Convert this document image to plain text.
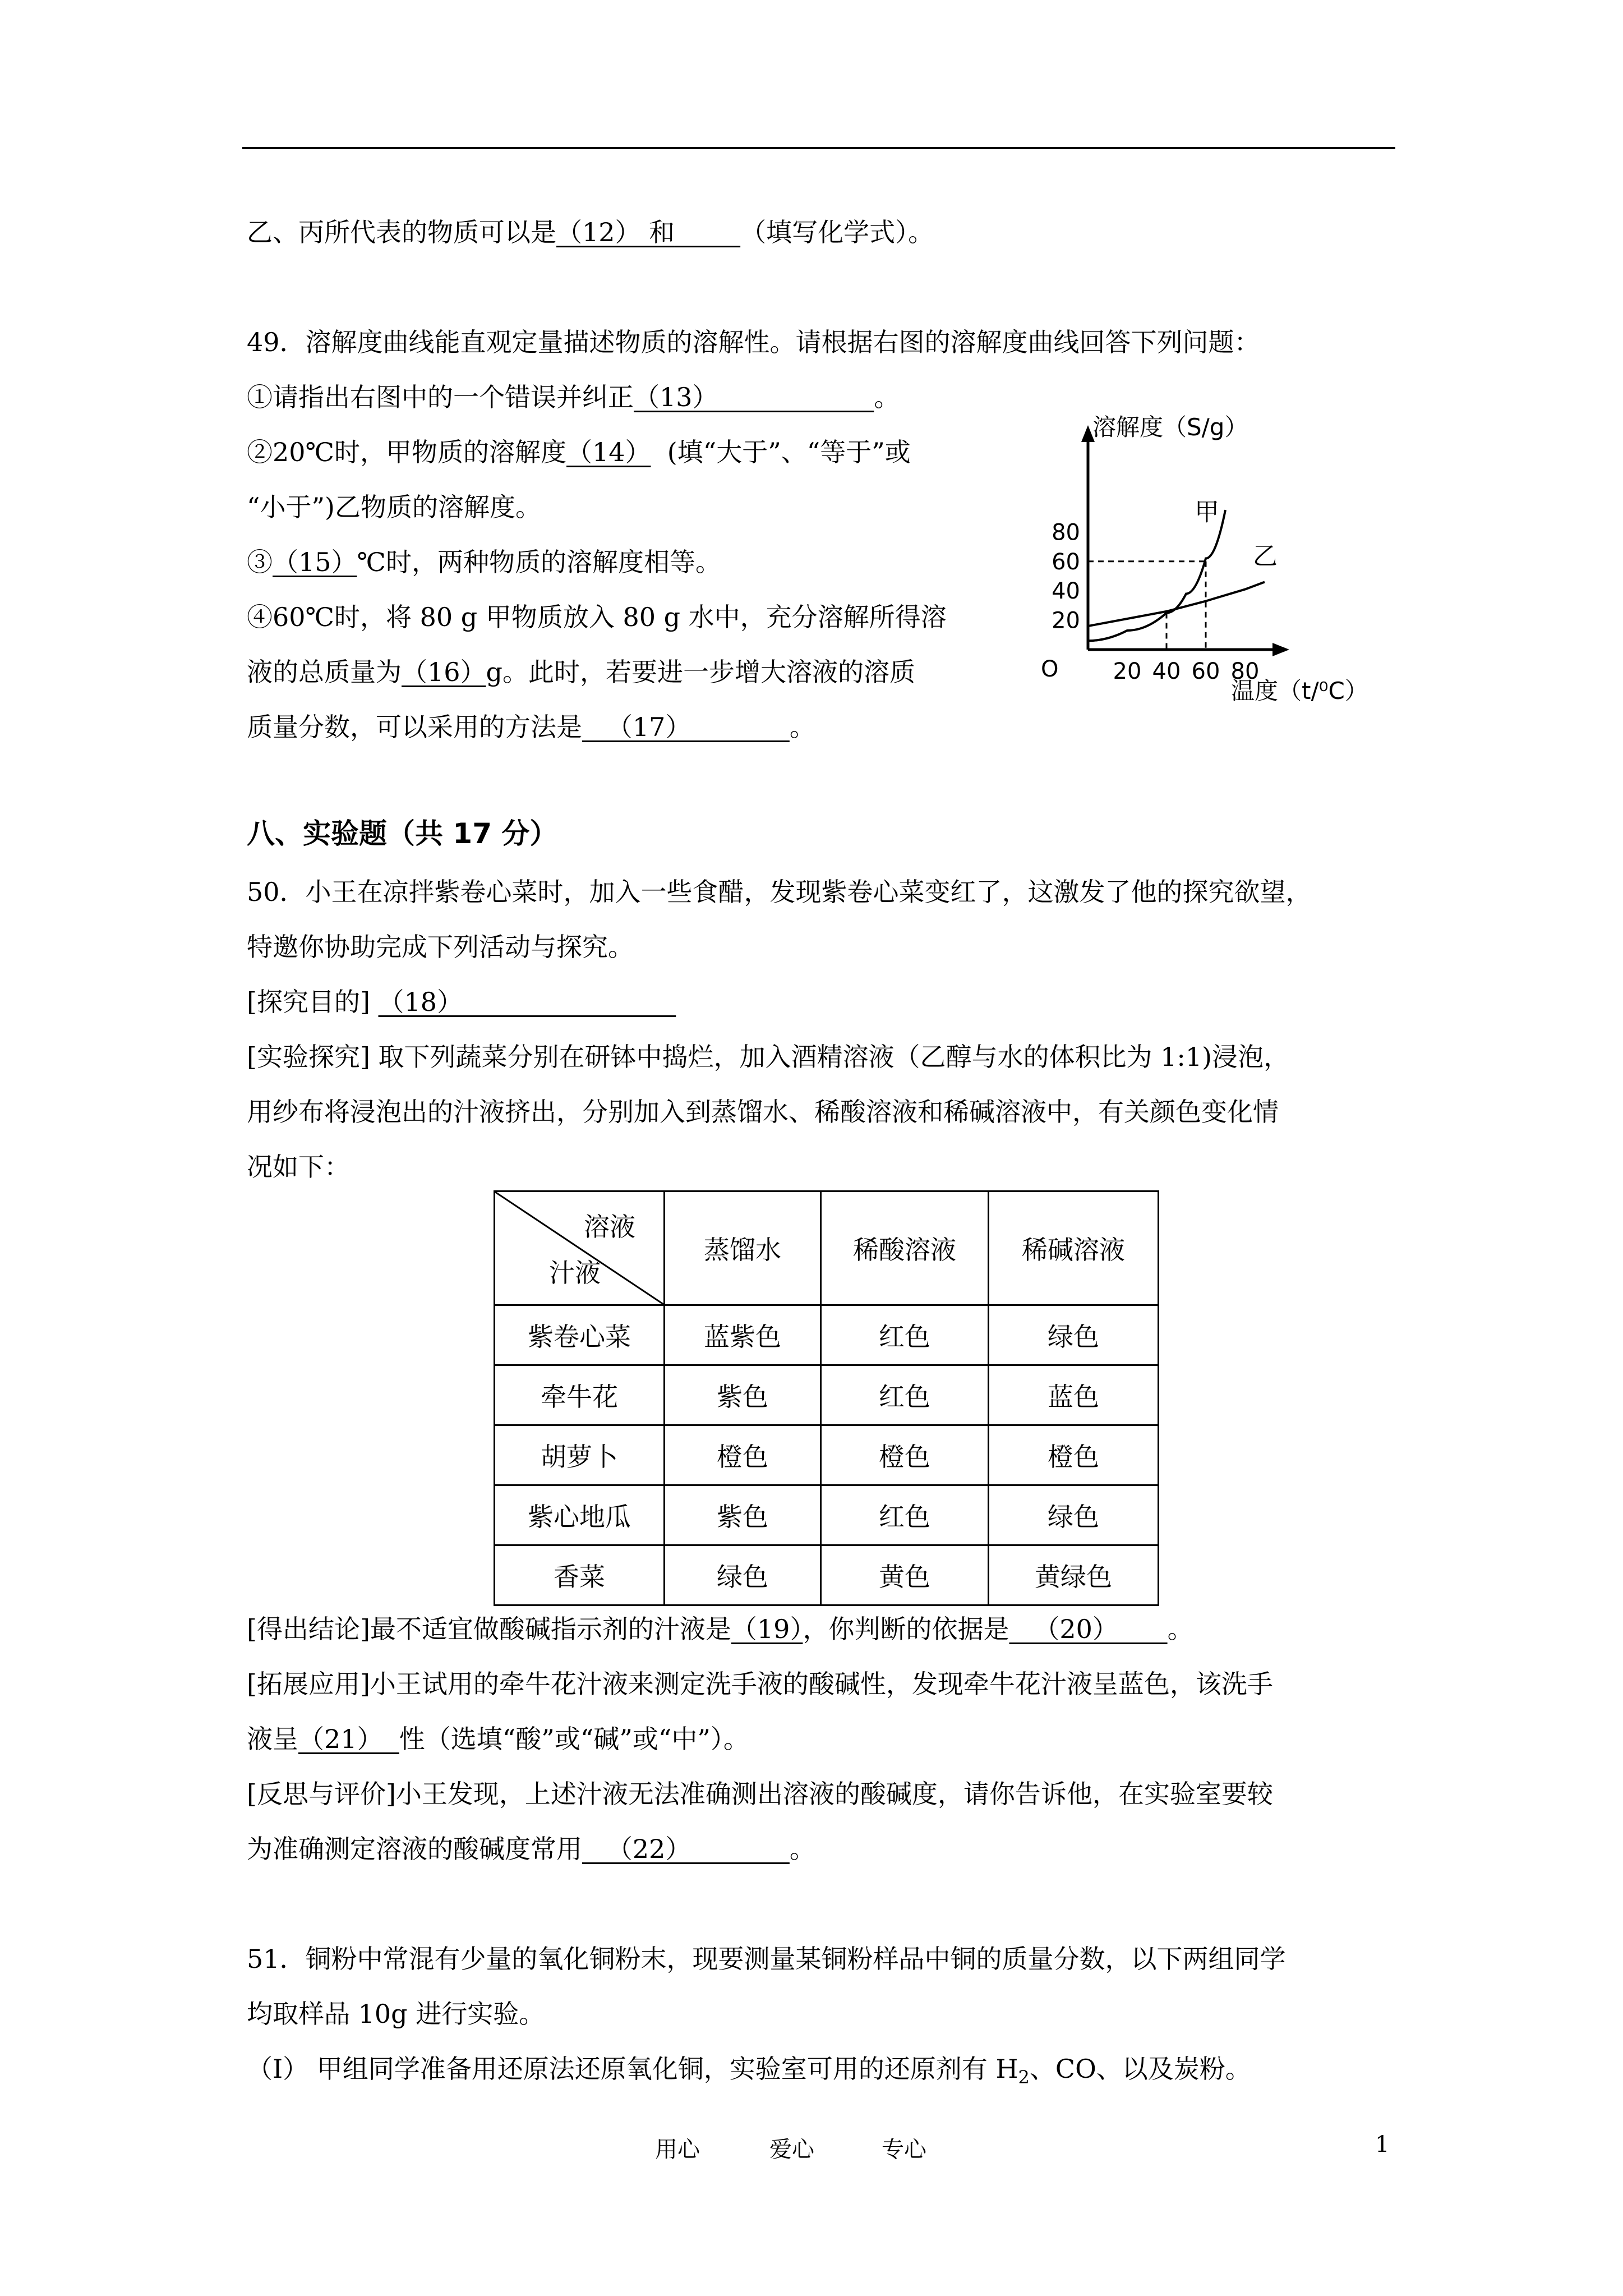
乙、丙所代表的物质可以是（12） 和	（填写化学式）。
49．溶解度曲线能直观定量描述物质的溶解性。请根据右图的溶解度曲线回答下列问题：
①请指出右图中的一个错误并纠正（13）                   。
②20℃时，甲物质的溶解度（14）  (填“大于”、“等于”或
“小于”)乙物质的溶解度。
③（15）℃时，两种物质的溶解度相等。
④60℃时，将 80 g 甲物质放入 80 g 水中，充分溶解所得溶
液的总质量为（16）g。此时，若要进一步增大溶液的溶质
质量分数，可以采用的方法是   （17）            。
溶解度（S/g）
温度（t/⁰C）
O
20
40
60
80
20 40 60 80
甲
乙
八、实验题（共 17 分）
50．小王在凉拌紫卷心菜时，加入一些食醋，发现紫卷心菜变红了，这激发了他的探究欲望，
特邀你协助完成下列活动与探究。
[探究目的] （18）
[实验探究] 取下列蔬菜分别在研钵中捣烂，加入酒精溶液（乙醇与水的体积比为 1:1)浸泡，
用纱布将浸泡出的汁液挤出，分别加入到蒸馏水、稀酸溶液和稀碱溶液中，有关颜色变化情
况如下：
溶液
汁液	蒸馏水	稀酸溶液	稀碱溶液
紫卷心菜	蓝紫色	红色	绿色
牵牛花	紫色	红色	蓝色
胡萝卜	橙色	橙色	橙色
紫心地瓜	紫色	红色	绿色
香菜	绿色	黄色	黄绿色
[得出结论]最不适宜做酸碱指示剂的汁液是（19），你判断的依据是   （20）      。
[拓展应用]小王试用的牵牛花汁液来测定洗手液的酸碱性，发现牵牛花汁液呈蓝色，该洗手
液呈（21）  性（选填“酸”或“碱”或“中”）。
[反思与评价]小王发现，上述汁液无法准确测出溶液的酸碱度，请你告诉他，在实验室要较
为准确测定溶液的酸碱度常用   （22）            。
51．铜粉中常混有少量的氧化铜粉末，现要测量某铜粉样品中铜的质量分数，以下两组同学
均取样品 10g 进行实验。
（Ⅰ） 甲组同学准备用还原法还原氧化铜，实验室可用的还原剂有 $H_2$、CO、以及炭粉。
用心	爱心	专心	1
